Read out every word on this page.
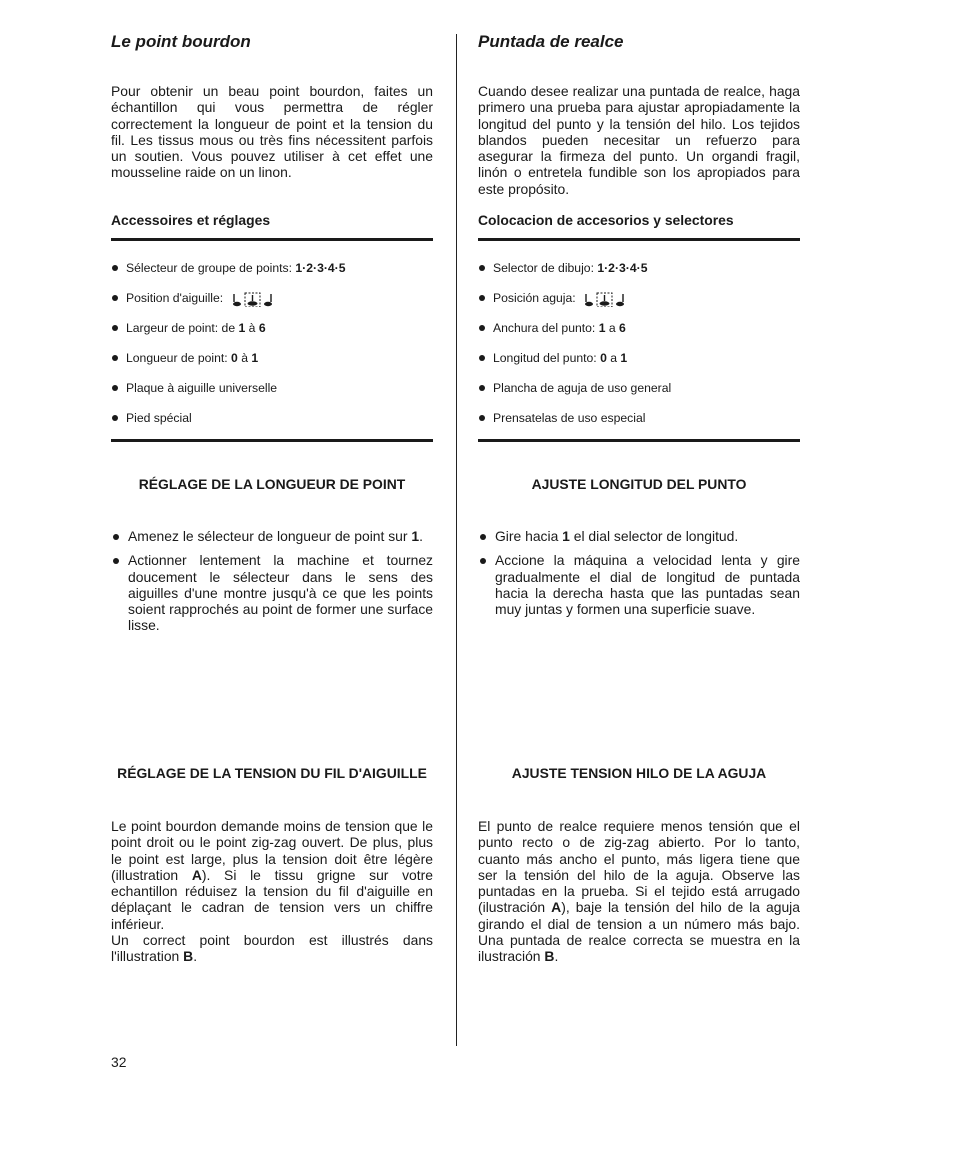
Le point bourdon

Pour obtenir un beau point bourdon, faites un échantillon qui vous permettra de régler correctement la longueur de point et la tension du fil. Les tissus mous ou très fins nécessitent parfois un soutien. Vous pouvez utiliser à cet effet une mousseline raide on un linon.

Accessoires et réglages
Sélecteur de groupe de points: 1·2·3·4·5
Position d'aiguille:
Largeur de point: de 1 à 6
Longueur de point: 0 à 1
Plaque à aiguille universelle
Pied spécial
RÉGLAGE DE LA LONGUEUR DE POINT
Amenez le sélecteur de longueur de point sur 1.
Actionner lentement la machine et tournez doucement le sélecteur dans le sens des aiguilles d'une montre jusqu'à ce que les points soient rapprochés au point de former une surface lisse.
RÉGLAGE DE LA TENSION DU FIL D'AIGUILLE

Le point bourdon demande moins de tension que le point droit ou le point zig-zag ouvert. De plus, plus le point est large, plus la tension doit être légère (illustration A). Si le tissu grigne sur votre echantillon réduisez la tension du fil d'aiguille en déplaçant le cadran de tension vers un chiffre inférieur.
Un correct point bourdon est illustrés dans l'illustration B.

Puntada de realce

Cuando desee realizar una puntada de realce, haga primero una prueba para ajustar apropiadamente la longitud del punto y la tensión del hilo. Los tejidos blandos pueden necesitar un refuerzo para asegurar la firmeza del punto. Un organdi fragil, linón o entretela fundible son los apropiados para este propósito.

Colocacion de accesorios y selectores
Selector de dibujo: 1·2·3·4·5
Posición aguja:
Anchura del punto: 1 a 6
Longitud del punto: 0 a 1
Plancha de aguja de uso general
Prensatelas de uso especial
AJUSTE LONGITUD DEL PUNTO
Gire hacia 1 el dial selector de longitud.
Accione la máquina a velocidad lenta y gire gradualmente el dial de longitud de puntada hacia la derecha hasta que las puntadas sean muy juntas y formen una superficie suave.
AJUSTE TENSION HILO DE LA AGUJA

El punto de realce requiere menos tensión que el punto recto o de zig-zag abierto. Por lo tanto, cuanto más ancho el punto, más ligera tiene que ser la tensión del hilo de la aguja. Observe las puntadas en la prueba. Si el tejido está arrugado (ilustración A), baje la tensión del hilo de la aguja girando el dial de tension a un número más bajo. Una puntada de realce correcta se muestra en la ilustración B.

32
